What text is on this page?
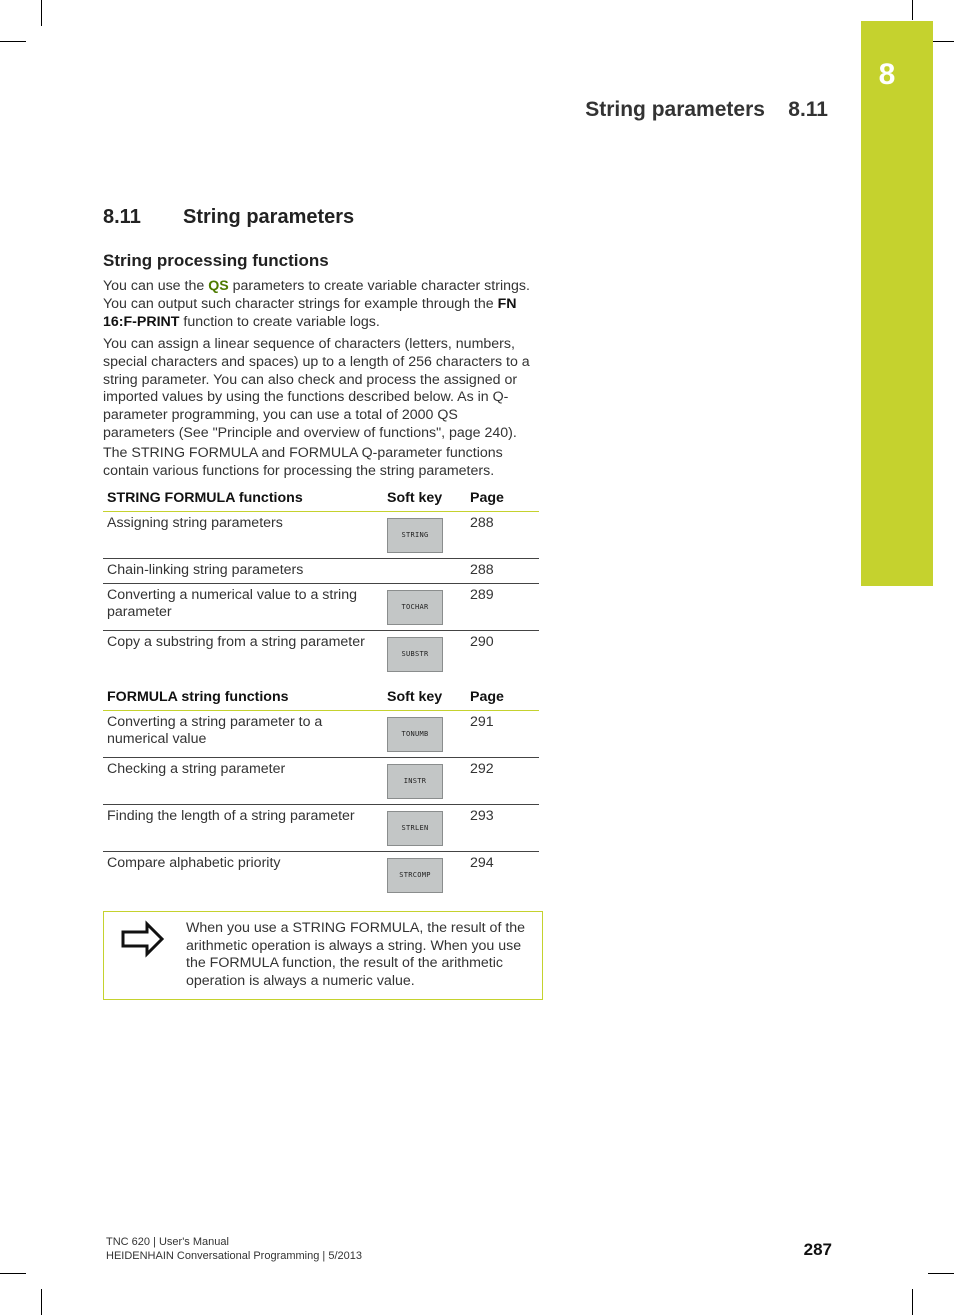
8
String parameters    8.11
8.11 String parameters
String processing functions
You can use the QS parameters to create variable character strings. You can output such character strings for example through the FN 16:F-PRINT function to create variable logs.
You can assign a linear sequence of characters (letters, numbers, special characters and spaces) up to a length of 256 characters to a string parameter. You can also check and process the assigned or imported values by using the functions described below. As in Q-parameter programming, you can use a total of 2000 QS parameters (See "Principle and overview of functions", page 240).
The STRING FORMULA and FORMULA Q-parameter functions contain various functions for processing the string parameters.
STRING FORMULA functions	Soft key	Page
Assigning string parameters	STRING	288
Chain-linking string parameters		288
Converting a numerical value to a string parameter	TOCHAR	289
Copy a substring from a string parameter	SUBSTR	290
FORMULA string functions	Soft key	Page
Converting a string parameter to a numerical value	TONUMB	291
Checking a string parameter	INSTR	292
Finding the length of a string parameter	STRLEN	293
Compare alphabetic priority	STRCOMP	294
When you use a STRING FORMULA, the result of the arithmetic operation is always a string. When you use the FORMULA function, the result of the arithmetic operation is always a numeric value.
TNC 620 | User's Manual
HEIDENHAIN Conversational Programming | 5/2013	287
